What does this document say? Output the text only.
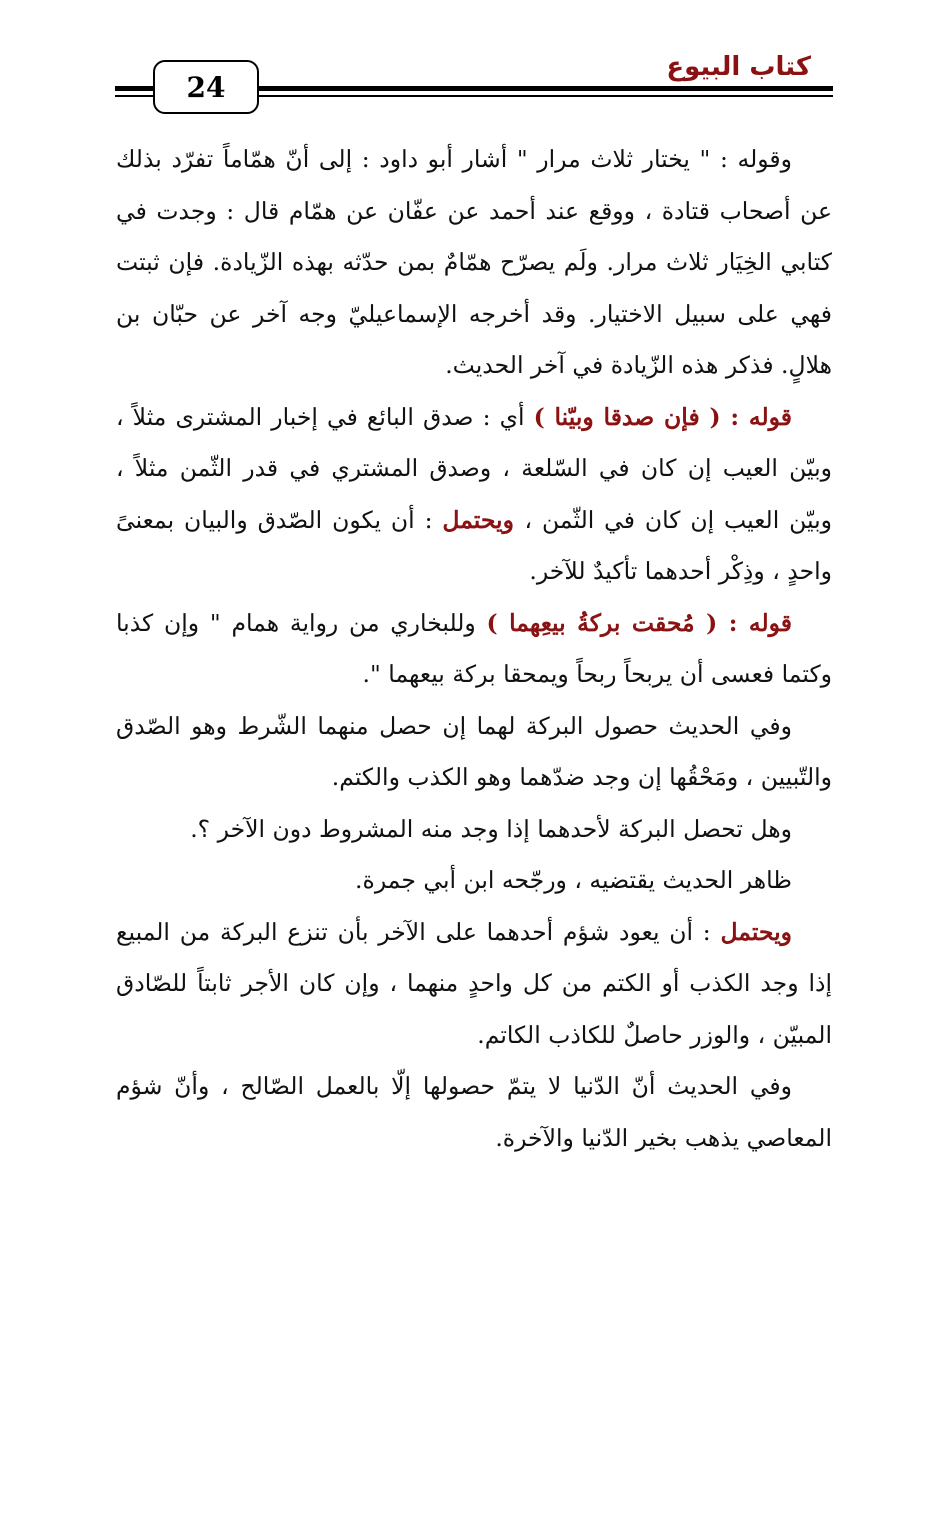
24
كتاب البيوع

وقوله : " يختار ثلاث مرار " أشار أبو داود : إلى أنّ همّاماً تفرّد بذلك عن أصحاب قتادة ، ووقع عند أحمد عن عفّان عن همّام قال : وجدت في كتابي الخِيَار ثلاث مرار. ولَم يصرّح همّامٌ بمن حدّثه بهذه الزّيادة. فإن ثبتت فهي على سبيل الاختيار. وقد أخرجه الإسماعيليّ وجه آخر عن حبّان بن هلالٍ. فذكر هذه الزّيادة في آخر الحديث.

قوله : ( فإن صدقا وبيّنا ) أي : صدق البائع في إخبار المشترى مثلاً ، وبيّن العيب إن كان في السّلعة ، وصدق المشتري في قدر الثّمن مثلاً ، وبيّن العيب إن كان في الثّمن ، ويحتمل : أن يكون الصّدق والبيان بمعنىً واحدٍ ، وذِكْر أحدهما تأكيدٌ للآخر.

قوله : ( مُحقت بركةُ بيعِهما ) وللبخاري من رواية همام " وإن كذبا وكتما فعسى أن يربحاً ربحاً ويمحقا بركة بيعهما ".

وفي الحديث حصول البركة لهما إن حصل منهما الشّرط وهو الصّدق والتّبيين ، ومَحْقُها إن وجد ضدّهما وهو الكذب والكتم.

وهل تحصل البركة لأحدهما إذا وجد منه المشروط دون الآخر ؟.

ظاهر الحديث يقتضيه ، ورجّحه ابن أبي جمرة.

ويحتمل : أن يعود شؤم أحدهما على الآخر بأن تنزع البركة من المبيع إذا وجد الكذب أو الكتم من كل واحدٍ منهما ، وإن كان الأجر ثابتاً للصّادق المبيّن ، والوزر حاصلٌ للكاذب الكاتم.

وفي الحديث أنّ الدّنيا لا يتمّ حصولها إلّا بالعمل الصّالح ، وأنّ شؤم المعاصي يذهب بخير الدّنيا والآخرة.
